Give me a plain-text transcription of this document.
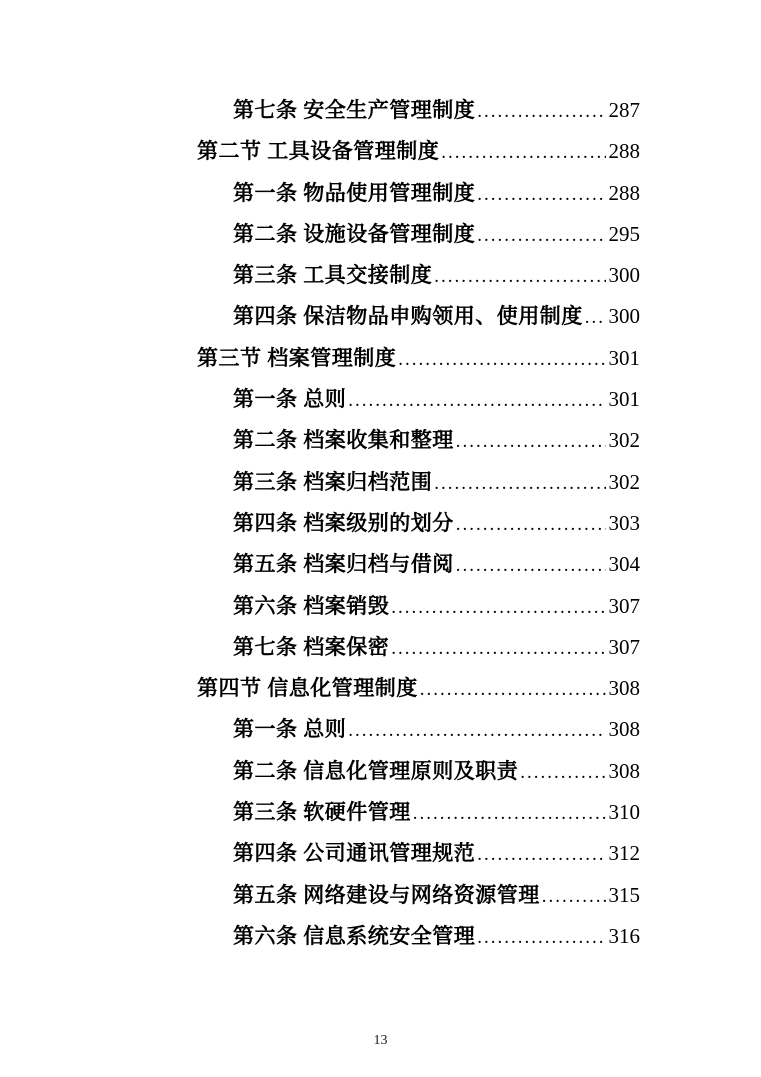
第七条 安全生产管理制度 .....	287
第二节 工具设备管理制度 .....	288
第一条 物品使用管理制度 .....	288
第二条 设施设备管理制度 .....	295
第三条 工具交接制度 .....	300
第四条 保洁物品申购领用、使用制度 ..... 300
第三节 档案管理制度 .....	301
第一条 总则 .....	301
第二条 档案收集和整理 .....	302
第三条 档案归档范围 .....	302
第四条 档案级别的划分 .....	303
第五条 档案归档与借阅 .....	304
第六条 档案销毁 .....	307
第七条 档案保密 .....	307
第四节 信息化管理制度 .....	308
第一条 总则 .....	308
第二条 信息化管理原则及职责 .....	308
第三条 软硬件管理 .....	310
第四条 公司通讯管理规范 .....	312
第五条 网络建设与网络资源管理 .....	315
第六条 信息系统安全管理 .....	316
13
